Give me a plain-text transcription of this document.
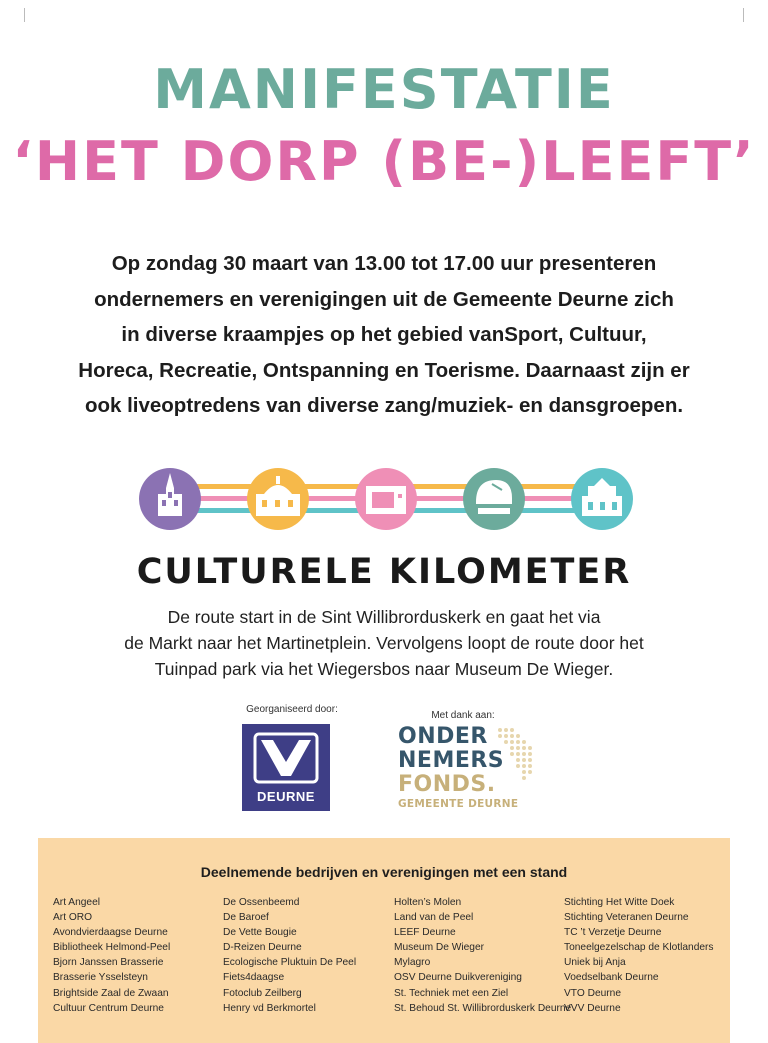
MANIFESTATIE
‘HET DORP (BE-)LEEFT’
Op zondag 30 maart van 13.00 tot 17.00 uur presenteren
ondernemers en verenigingen uit de Gemeente Deurne zich
in diverse kraampjes op het gebied vanSport, Cultuur,
Horeca, Recreatie, Ontspanning en Toerisme. Daarnaast zijn er
ook liveoptredens van diverse zang/muziek- en dansgroepen.
CULTURELE KILOMETER
De route start in de Sint Willibrorduskerk en gaat het via
de Markt naar het Martinetplein. Vervolgens loopt de route door het
Tuinpad park via het Wiegersbos naar Museum De Wieger.
Georganiseerd door:
DEURNE
Met dank aan:
ONDER
NEMERS
FONDS.
GEMEENTE DEURNE
Deelnemende bedrijven en verenigingen met een stand
Art Angeel
Art ORO
Avondvierdaagse Deurne
Bibliotheek Helmond-Peel
Bjorn Janssen Brasserie
Brasserie Ysselsteyn
Brightside Zaal de Zwaan
Cultuur Centrum Deurne
De Ossenbeemd
De Baroef
De Vette Bougie
D-Reizen Deurne
Ecologische Pluktuin De Peel
Fiets4daagse
Fotoclub Zeilberg
Henry vd Berkmortel
Holten’s Molen
Land van de Peel
LEEF Deurne
Museum De Wieger
Mylagro
OSV Deurne Duikvereniging
St. Techniek met een Ziel
St. Behoud St. Willibrorduskerk Deurne
Stichting Het Witte Doek
Stichting Veteranen Deurne
TC ’t Verzetje Deurne
Toneelgezelschap de Klotlanders
Uniek bij Anja
Voedselbank Deurne
VTO Deurne
VVV Deurne
